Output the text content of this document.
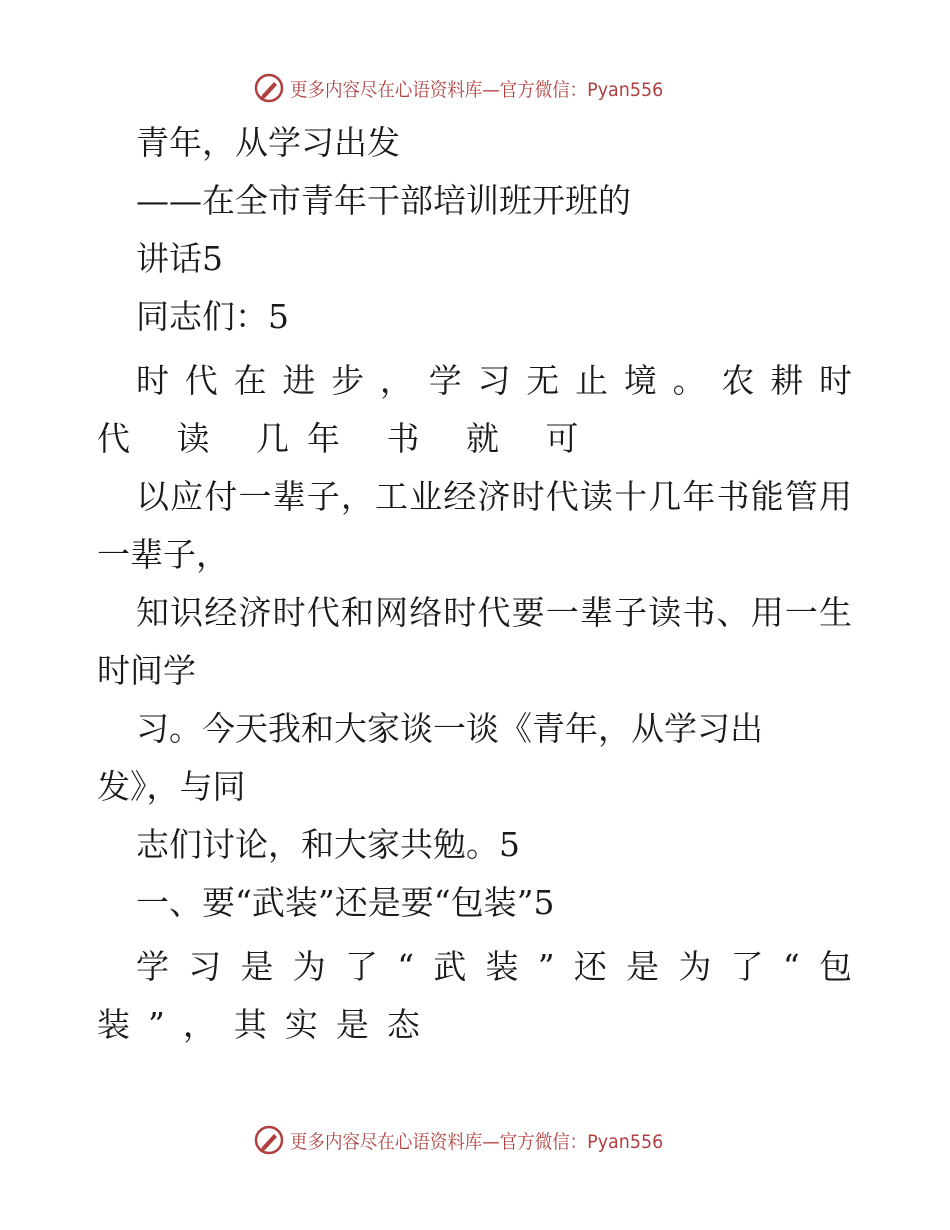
更多内容尽在心语资料库—官方微信：Pyan556
青年，从学习出发
——在全市青年干部培训班开班的
讲话5
同志们：5
时代在进步，学习无止境。农耕时
代 读 几年 书 就 可
以应付一辈子，工业经济时代读十几年书能管用
一辈子，
知识经济时代和网络时代要一辈子读书、用一生
时间学
习。今天我和大家谈一谈《青年，从学习出
发》，与同
志们讨论，和大家共勉。5
一、要“武装”还是要“包装”5
学习是为了“武装”还是为了“包
装”，其实是态
更多内容尽在心语资料库—官方微信：Pyan556
